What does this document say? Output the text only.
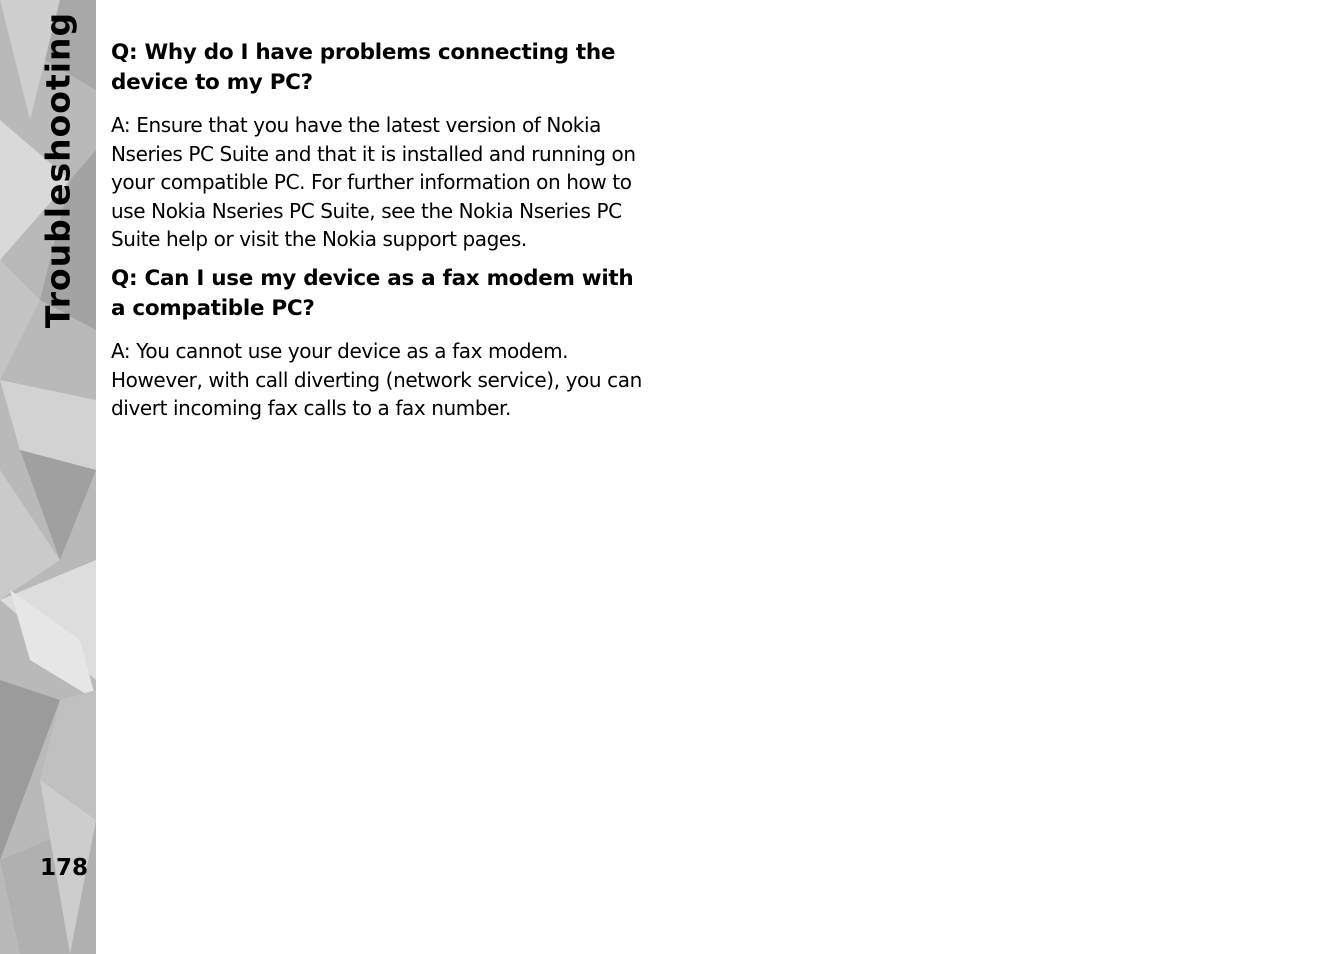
Troubleshooting
178

Q: Why do I have problems connecting the device to my PC?

A: Ensure that you have the latest version of Nokia Nseries PC Suite and that it is installed and running on your compatible PC. For further information on how to use Nokia Nseries PC Suite, see the Nokia Nseries PC Suite help or visit the Nokia support pages.

Q: Can I use my device as a fax modem with a compatible PC?

A: You cannot use your device as a fax modem. However, with call diverting (network service), you can divert incoming fax calls to a fax number.
